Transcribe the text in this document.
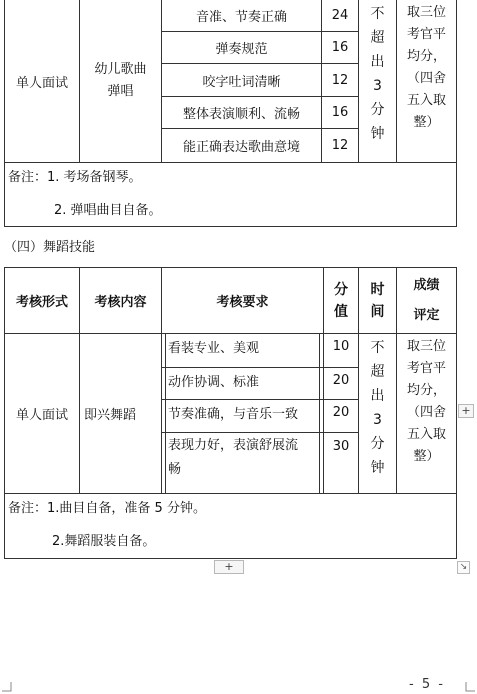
单人面试
幼儿歌曲
弹唱
音准、节奏正确
弹奏规范
咬字吐词清晰
整体表演顺利、流畅
能正确表达歌曲意境
24
16
12
16
12
不
超
出
3
分
钟
取三位
考官平
均分，
（四舍
五入取
整）
备注：1. 考场备钢琴。
2. 弹唱曲目自备。
（四）舞蹈技能
考核形式 考核内容	考核要求
分
值
时
间
成绩
评定
单人面试 即兴舞蹈
看装专业、美观
动作协调、标准
节奏准确，与音乐一致
表现力好，表演舒展流
畅
10
20
20
30
不
超
出
3
分
钟
取三位
考官平
均分，
（四舍
五入取
整）
备注：1.曲目自备，准备 5 分钟。
2.舞蹈服装自备。
+
+	↘
- 5 -
